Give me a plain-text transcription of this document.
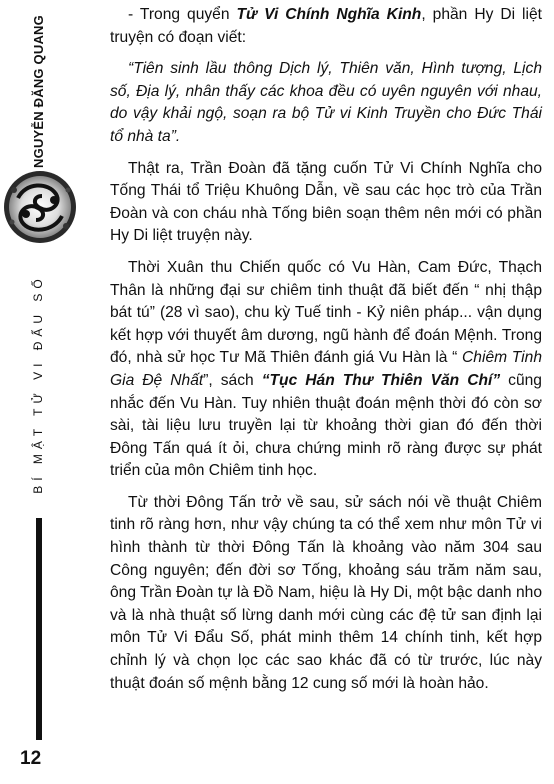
NGUYỄN ĐĂNG QUANG
BÍ MẬT TỬ VI ĐẨU SỐ
12

- Trong quyển Tử Vi Chính Nghĩa Kinh, phần Hy Di liệt truyện có đoạn viết:

“Tiên sinh lầu thông Dịch lý, Thiên văn, Hình tượng, Lịch số, Địa lý, nhân thấy các khoa đều có uyên nguyên với nhau, do vậy khải ngộ, soạn ra bộ Tử vi Kinh Truyền cho Đức Thái tổ nhà ta”.

Thật ra, Trần Đoàn đã tặng cuốn Tử Vi Chính Nghĩa cho Tống Thái tổ Triệu Khuông Dẫn, về sau các học trò của Trần Đoàn và con cháu nhà Tống biên soạn thêm nên mới có phần Hy Di liệt truyện này.

Thời Xuân thu Chiến quốc có Vu Hàn, Cam Đức, Thạch Thân là những đại sư chiêm tinh thuật đã biết đến “ nhị thập bát tú” (28 vì sao), chu kỳ Tuế tinh - Kỷ niên pháp... vận dụng kết hợp với thuyết âm dương, ngũ hành để đoán Mệnh. Trong đó, nhà sử học Tư Mã Thiên đánh giá Vu Hàn là “ Chiêm Tinh Gia Đệ Nhất”, sách “Tục Hán Thư Thiên Văn Chí” cũng nhắc đến Vu Hàn. Tuy nhiên thuật đoán mệnh thời đó còn sơ sài, tài liệu lưu truyền lại từ khoảng thời gian đó đến thời Đông Tấn quá ít ỏi, chưa chứng minh rõ ràng được sự phát triển của môn Chiêm tinh học.

Từ thời Đông Tấn trở về sau, sử sách nói về thuật Chiêm tinh rõ ràng hơn, như vậy chúng ta có thể xem như môn Tử vi hình thành từ thời Đông Tấn là khoảng vào năm 304 sau Công nguyên; đến đời sơ Tống, khoảng sáu trăm năm sau, ông Trần Đoàn tự là Đồ Nam, hiệu là Hy Di, một bậc danh nho và là nhà thuật số lừng danh mới cùng các đệ tử san định lại môn Tử Vi Đẩu Số, phát minh thêm 14 chính tinh, kết hợp chỉnh lý và chọn lọc các sao khác đã có từ trước, lúc này thuật đoán số mệnh bằng 12 cung số mới là hoàn hảo.
